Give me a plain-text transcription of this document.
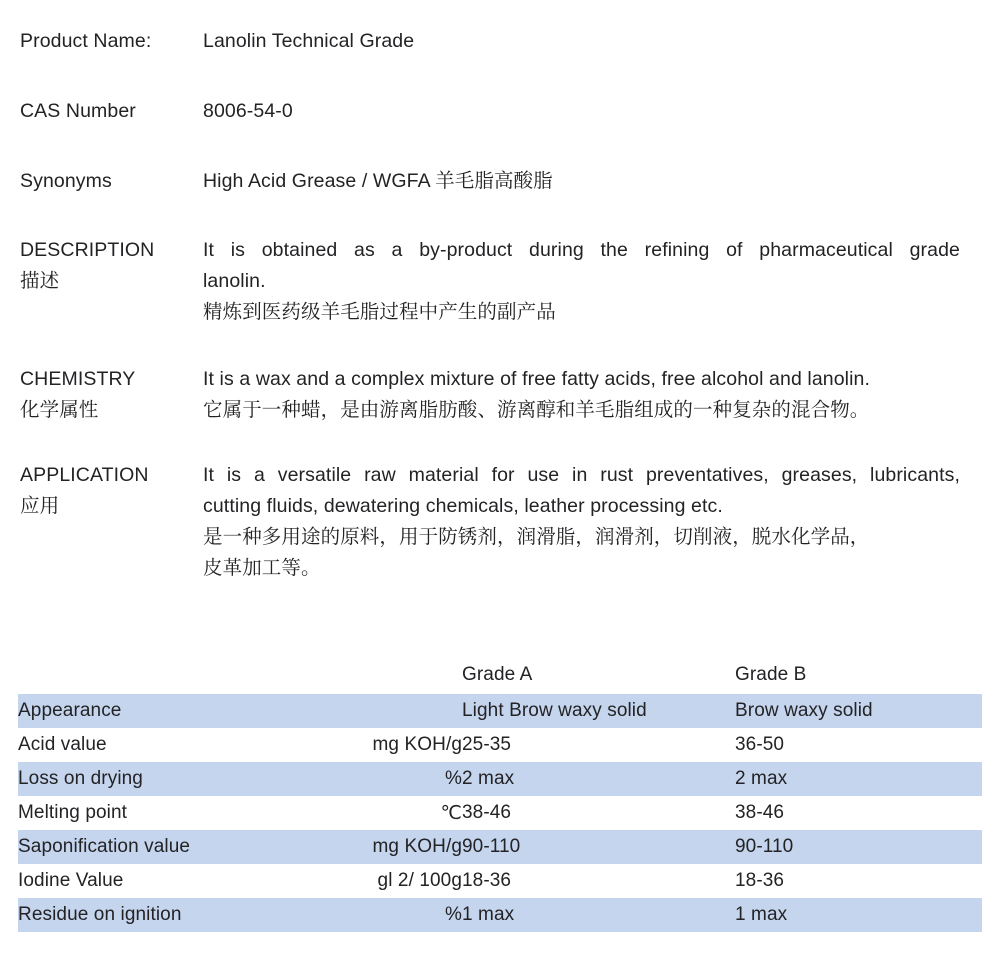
Product Name:	Lanolin Technical Grade
CAS Number	8006-54-0
Synonyms	High Acid Grease / WGFA 羊毛脂高酸脂
DESCRIPTION
描述
It is obtained as a by-product during the refining of pharmaceutical grade
lanolin.
精炼到医药级羊毛脂过程中产生的副产品
CHEMISTRY
化学属性
It is a wax and a complex mixture of free fatty acids, free alcohol and lanolin.
它属于一种蜡，是由游离脂肪酸、游离醇和羊毛脂组成的一种复杂的混合物。
APPLICATION
应用
It is a versatile raw material for use in rust preventatives, greases, lubricants,
cutting fluids, dewatering chemicals, leather processing etc.
是一种多用途的原料，用于防锈剂，润滑脂，润滑剂，切削液，脱水化学品，
皮革加工等。
		Grade A	Grade B
Appearance		Light Brow waxy solid	Brow waxy solid
Acid value	mg KOH/g	25-35	36-50
Loss on drying	%	2 max	2 max
Melting point	℃	38-46	38-46
Saponification value	mg KOH/g	90-110	90-110
Iodine Value	gl 2/ 100g	18-36	18-36
Residue on ignition	%	1 max	1 max
